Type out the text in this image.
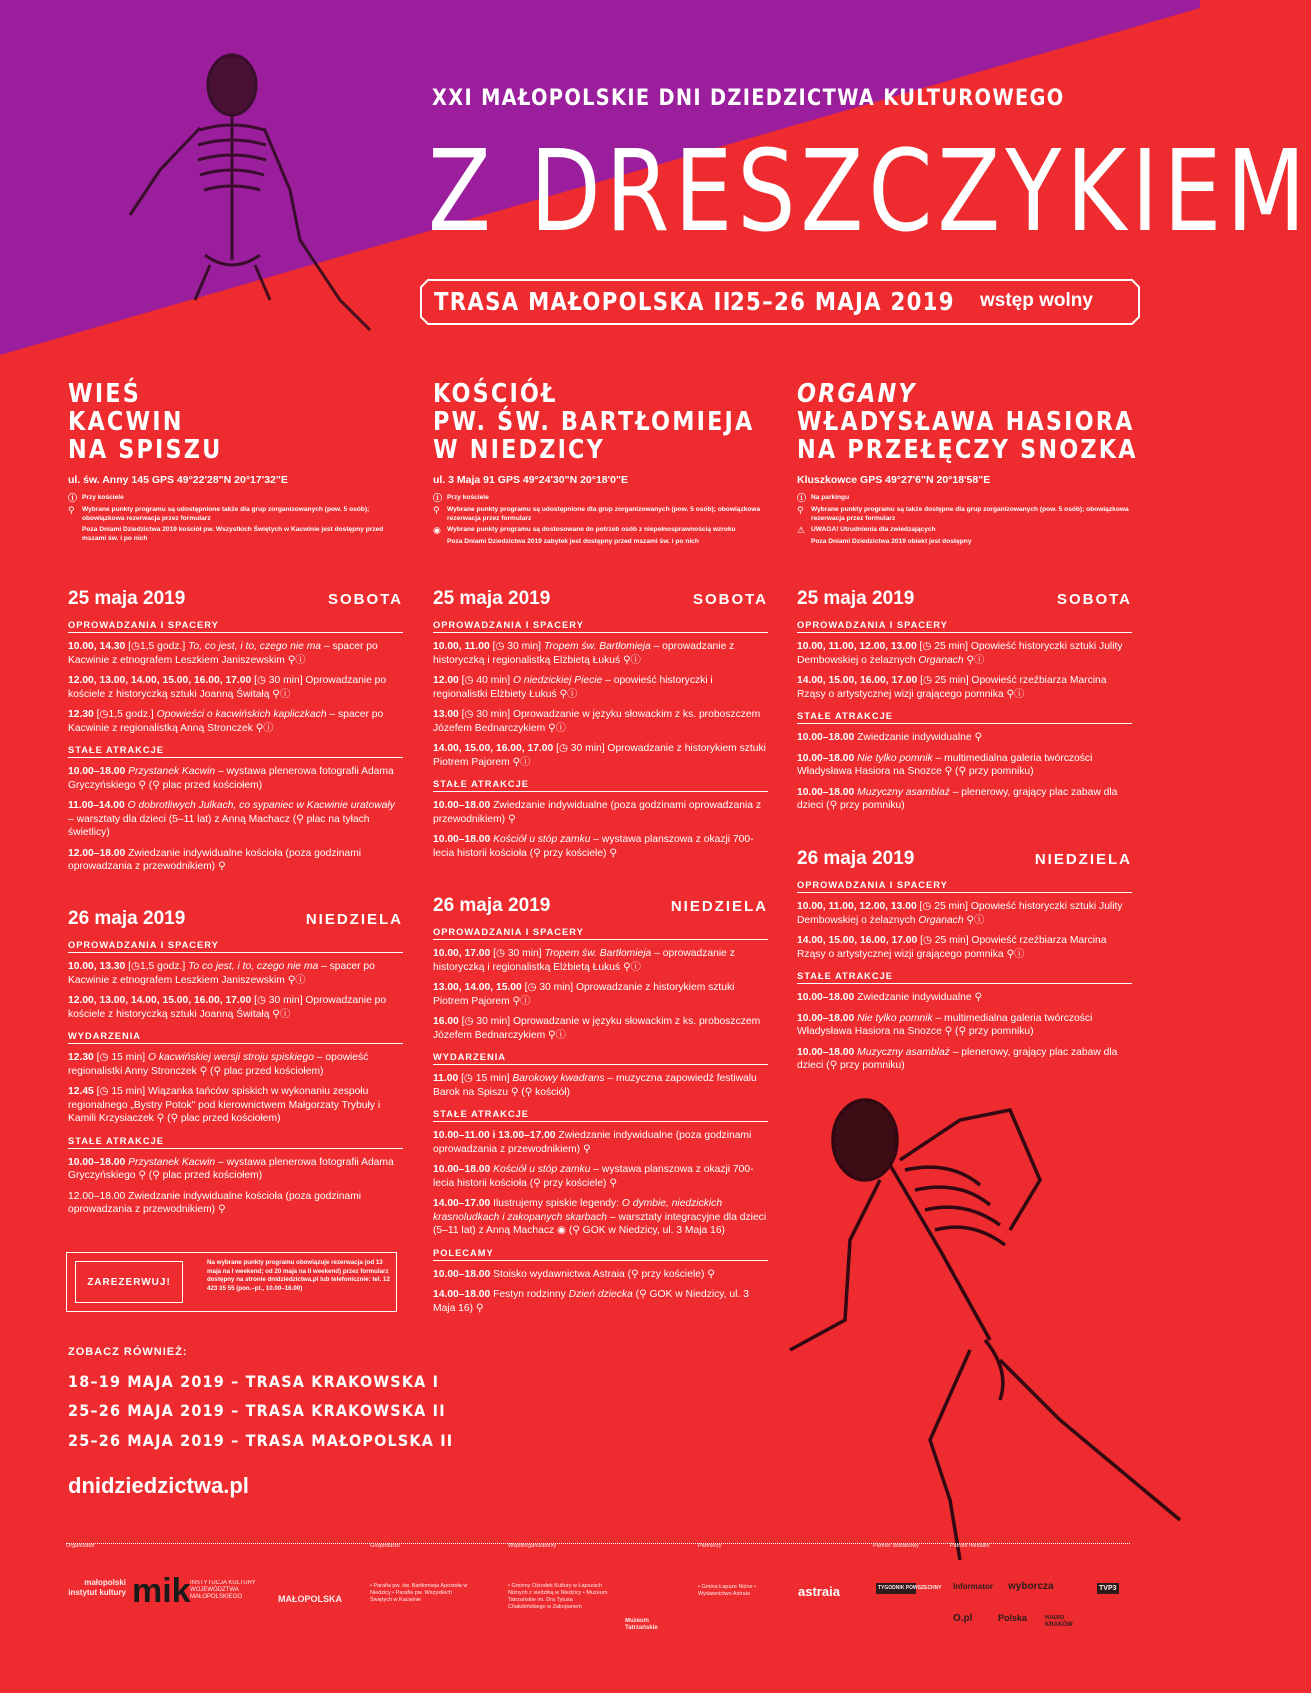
XXI MAŁOPOLSKIE DNI DZIEDZICTWA KULTUROWEGO
Z DRESZCZYKIEM
TRASA MAŁOPOLSKA II
25–26 MAJA 2019 wstęp wolny
WIEŚ
KACWIN
NA SPISZU
ul. św. Anny 145 GPS 49°22'28"N 20°17'32"E
ⓘ Przy kościele
⚲	Wybrane punkty programu są udostępnione także dla grup zorganizowanych (pow. 5 osób); obowiązkowa rezerwacja przez formularz
Poza Dniami Dziedzictwa 2019 kościół pw. Wszystkich Świętych w Kacwinie jest dostępny przed mszami św. i po nich
KOŚCIÓŁ
PW. ŚW. BARTŁOMIEJA
W NIEDZICY
ul. 3 Maja 91 GPS 49°24'30"N 20°18'0"E
ⓘ Przy kościele
⚲	Wybrane punkty programu są udostępnione dla grup zorganizowanych (pow. 5 osób); obowiązkowa rezerwacja przez formularz
◉ Wybrane punkty programu są dostosowane do potrzeb osób z niepełnosprawnością wzroku
Poza Dniami Dziedzictwa 2019 zabytek jest dostępny przed mszami św. i po nich
ORGANY
WŁADYSŁAWA HASIORA
NA PRZEŁĘCZY SNOZKA
Kluszkowce GPS 49°27'6"N 20°18'58"E
ⓘ Na parkingu
⚲	Wybrane punkty programu są także dostępne dla grup zorganizowanych (pow. 5 osób); obowiązkowa rezerwacja przez formularz
⚠ UWAGA! Utrudnienia dla zwiedzających
Poza Dniami Dziedzictwa 2019 obiekt jest dostępny
25 maja 2019	SOBOTA
OPROWADZANIA I SPACERY
10.00, 14.30 [◷1,5 godz.] To, co jest, i to, czego nie ma – spacer po Kacwinie z etnografem Leszkiem Janiszewskim ⚲ⓘ
12.00, 13.00, 14.00, 15.00, 16.00, 17.00 [◷ 30 min] Oprowadzanie po kościele z historyczką sztuki Joanną Świtałą ⚲ⓘ
12.30 [◷1,5 godz.] Opowieści o kacwińskich kapliczkach – spacer po Kacwinie z regionalistką Anną Stronczek ⚲ⓘ
STAŁE ATRAKCJE
10.00–18.00 Przystanek Kacwin – wystawa plenerowa fotografii Adama Gryczyńskiego ⚲ (⚲ plac przed kościołem)
11.00–14.00 O dobrotliwych Julkach, co sypaniec w Kacwinie uratowały – warsztaty dla dzieci (5–11 lat) z Anną Machacz (⚲ plac na tyłach świetlicy)
12.00–18.00 Zwiedzanie indywidualne kościoła (poza godzinami oprowadzania z przewodnikiem) ⚲
26 maja 2019	NIEDZIELA
OPROWADZANIA I SPACERY
10.00, 13.30 [◷1,5 godz.] To co jest, i to, czego nie ma – spacer po Kacwinie z etnografem Leszkiem Janiszewskim ⚲ⓘ
12.00, 13.00, 14.00, 15.00, 16.00, 17.00 [◷ 30 min] Oprowadzanie po kościele z historyczką sztuki Joanną Świtałą ⚲ⓘ
WYDARZENIA
12.30 [◷ 15 min] O kacwińskiej wersji stroju spiskiego – opowieść regionalistki Anny Stronczek ⚲ (⚲ plac przed kościołem)
12.45 [◷ 15 min] Wiązanka tańców spiskich w wykonaniu zespołu regionalnego „Bystry Potok" pod kierownictwem Małgorzaty Trybuły i Kamili Krzysiaczek ⚲ (⚲ plac przed kościołem)
STAŁE ATRAKCJE
10.00–18.00 Przystanek Kacwin – wystawa plenerowa fotografii Adama Gryczyńskiego ⚲ (⚲ plac przed kościołem)
12.00–18.00 Zwiedzanie indywidualne kościoła (poza godzinami oprowadzania z przewodnikiem) ⚲
ZAREZERWUJ!
Na wybrane punkty programu obowiązuje rezerwacja (od 13 maja na I weekend; od 20 maja na II weekend) przez formularz dostępny na stronie dnidziedzictwa.pl lub telefonicznie: tel. 12 423 35 55 (pon.–pt., 10.00–16.00)
ZOBACZ RÓWNIEŻ:
18–19 MAJA 2019 – TRASA KRAKOWSKA I
25–26 MAJA 2019 – TRASA KRAKOWSKA II
25–26 MAJA 2019 – TRASA MAŁOPOLSKA II
dnidziedzictwa.pl
25 maja 2019	SOBOTA
OPROWADZANIA I SPACERY
10.00, 11.00 [◷ 30 min] Tropem św. Bartłomieja – oprowadzanie z historyczką i regionalistką Elżbietą Łukuś ⚲ⓘ
12.00 [◷ 40 min] O niedzickiej Piecie – opowieść historyczki i regionalistki Elżbiety Łukuś ⚲ⓘ
13.00 [◷ 30 min] Oprowadzanie w języku słowackim z ks. proboszczem Józefem Bednarczykiem ⚲ⓘ
14.00, 15.00, 16.00, 17.00 [◷ 30 min] Oprowadzanie z historykiem sztuki Piotrem Pajorem ⚲ⓘ
STAŁE ATRAKCJE
10.00–18.00 Zwiedzanie indywidualne (poza godzinami oprowadzania z przewodnikiem) ⚲
10.00–18.00 Kościół u stóp zamku – wystawa planszowa z okazji 700-lecia historii kościoła (⚲ przy kościele) ⚲
26 maja 2019	NIEDZIELA
OPROWADZANIA I SPACERY
10.00, 17.00 [◷ 30 min] Tropem św. Bartłomieja – oprowadzanie z historyczką i regionalistką Elżbietą Łukuś ⚲ⓘ
13.00, 14.00, 15.00 [◷ 30 min] Oprowadzanie z historykiem sztuki Piotrem Pajorem ⚲ⓘ
16.00 [◷ 30 min] Oprowadzanie w języku słowackim z ks. proboszczem Józefem Bednarczykiem ⚲ⓘ
WYDARZENIA
11.00 [◷ 15 min] Barokowy kwadrans – muzyczna zapowiedź festiwalu Barok na Spiszu ⚲ (⚲ kościół)
STAŁE ATRAKCJE
10.00–11.00 i 13.00–17.00 Zwiedzanie indywidualne (poza godzinami oprowadzania z przewodnikiem) ⚲
10.00–18.00 Kościół u stóp zamku – wystawa planszowa z okazji 700-lecia historii kościoła (⚲ przy kościele) ⚲
14.00–17.00 Ilustrujemy spiskie legendy: O dymbie, niedzickich krasnoludkach i zakopanych skarbach – warsztaty integracyjne dla dzieci (5–11 lat) z Anną Machacz ◉ (⚲ GOK w Niedzicy, ul. 3 Maja 16)
POLECAMY
10.00–18.00 Stoisko wydawnictwa Astraia (⚲ przy kościele) ⚲
14.00–18.00 Festyn rodzinny Dzień dziecka (⚲ GOK w Niedzicy, ul. 3 Maja 16) ⚲
25 maja 2019	SOBOTA
OPROWADZANIA I SPACERY
10.00, 11.00, 12.00, 13.00 [◷ 25 min] Opowieść historyczki sztuki Julity Dembowskiej o żelaznych Organach ⚲ⓘ
14.00, 15.00, 16.00, 17.00 [◷ 25 min] Opowieść rzeźbiarza Marcina Rząsy o artystycznej wizji grającego pomnika ⚲ⓘ
STAŁE ATRAKCJE
10.00–18.00 Zwiedzanie indywidualne ⚲
10.00–18.00 Nie tylko pomnik – multimedialna galeria twórczości Władysława Hasiora na Snozce ⚲ (⚲ przy pomniku)
10.00–18.00 Muzyczny asamblaż – plenerowy, grający plac zabaw dla dzieci (⚲ przy pomniku)
26 maja 2019	NIEDZIELA
OPROWADZANIA I SPACERY
10.00, 11.00, 12.00, 13.00 [◷ 25 min] Opowieść historyczki sztuki Julity Dembowskiej o żelaznych Organach ⚲ⓘ
14.00, 15.00, 16.00, 17.00 [◷ 25 min] Opowieść rzeźbiarza Marcina Rząsy o artystycznej wizji grającego pomnika ⚲ⓘ
STAŁE ATRAKCJE
10.00–18.00 Zwiedzanie indywidualne ⚲
10.00–18.00 Nie tylko pomnik – multimedialna galeria twórczości Władysława Hasiora na Snozce ⚲ (⚲ przy pomniku)
10.00–18.00 Muzyczny asamblaż – plenerowy, grający plac zabaw dla dzieci (⚲ przy pomniku)
Organizator	Gospodarze	Współorganizatorzy	Partnerzy	Partner dodatkowy	Patroni medialni
małopolski instytut kultury mik INSTYTUCJA KULTURY WOJEWÓDZTWA MAŁOPOLSKIEGO	MAŁOPOLSKA
• Parafia pw. św. Bartłomieja Apostoła w Niedzicy • Parafia pw. Wszystkich Świętych w Kacwinie
• Gminny Ośrodek Kultury w Łapszach Niżnych z siedzibą w Niedzicy • Muzeum Tatrzańskie im. Dra Tytusa Chałubińskiego w Zakopanem
Muzeum Tatrzańskie
• Gmina Łapsze Niżne • Wydawnictwo Astraia	astraia	TYGODNIK POWSZECHNY Informator wyborcza	TVP3
O.pl	Polska	RADIO KRAKÓW
